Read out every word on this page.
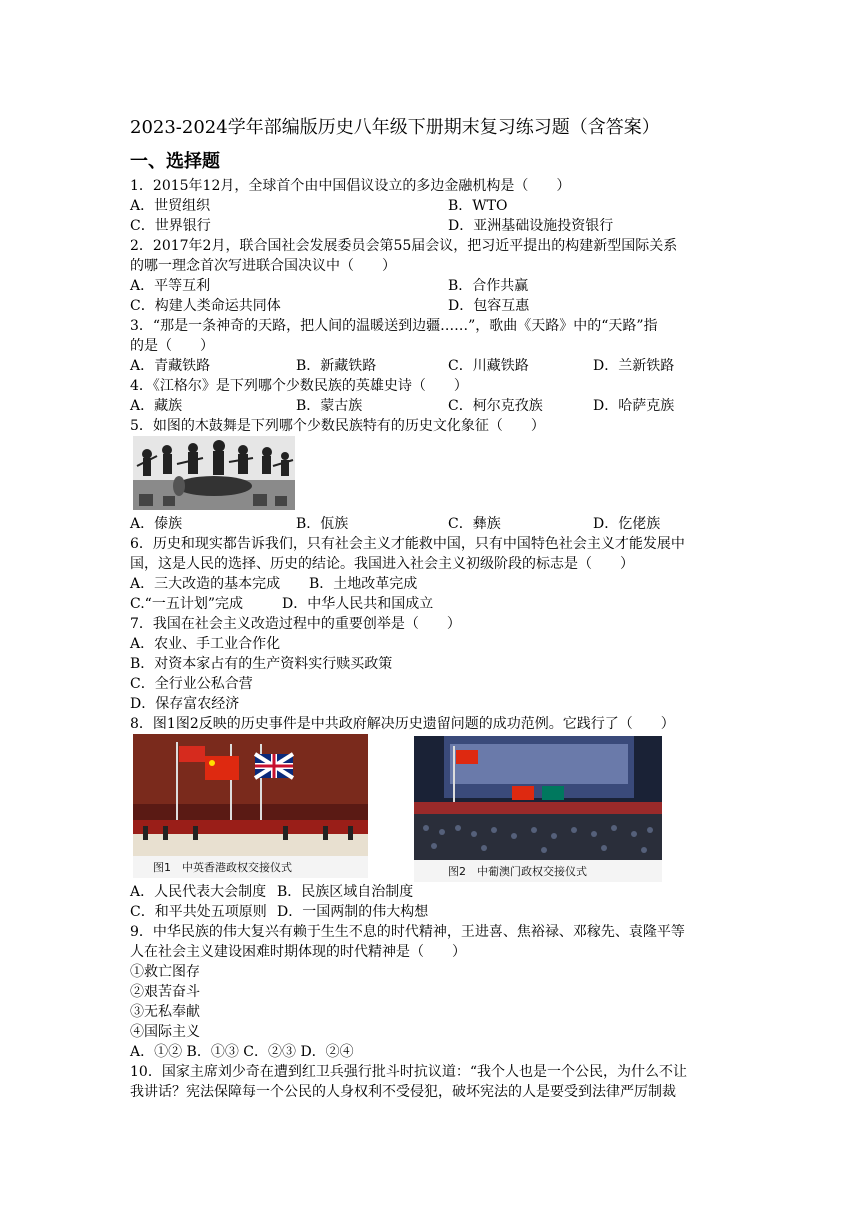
2023-2024学年部编版历史八年级下册期末复习练习题（含答案）
一、选择题
1．2015年12月，全球首个由中国倡议设立的多边金融机构是（　　）
A．世贸组织	B．WTO
C．世界银行	D．亚洲基础设施投资银行
2．2017年2月，联合国社会发展委员会第55届会议，把习近平提出的构建新型国际关系
的哪一理念首次写进联合国决议中（　　）
A．平等互利	B．合作共赢
C．构建人类命运共同体	D．包容互惠
3．“那是一条神奇的天路，把人间的温暖送到边疆……”，歌曲《天路》中的“天路”指
的是（　　）
A．青藏铁路	B．新藏铁路	C．川藏铁路	D．兰新铁路
4．《江格尔》是下列哪个少数民族的英雄史诗（　　）
A．藏族	B．蒙古族	C．柯尔克孜族	D．哈萨克族
5．如图的木鼓舞是下列哪个少数民族特有的历史文化象征（　　）
A．傣族	B．佤族	C．彝族	D．仡佬族
6．历史和现实都告诉我们，只有社会主义才能救中国，只有中国特色社会主义才能发展中
国，这是人民的选择、历史的结论。我国进入社会主义初级阶段的标志是（　　）
A．三大改造的基本完成 B．土地改革完成
C.“一五计划”完成	D．中华人民共和国成立
7．我国在社会主义改造过程中的重要创举是（　　）
A．农业、手工业合作化
B．对资本家占有的生产资料实行赎买政策
C．全行业公私合营
D．保存富农经济
8．图1图2反映的历史事件是中共政府解决历史遗留问题的成功范例。它践行了（　　）
图1　中英香港政权交接仪式	图2　中葡澳门政权交接仪式
A．人民代表大会制度 B．民族区域自治制度
C．和平共处五项原则 D．一国两制的伟大构想
9．中华民族的伟大复兴有赖于生生不息的时代精神，王进喜、焦裕禄、邓稼先、袁隆平等
人在社会主义建设困难时期体现的时代精神是（　　）
①救亡图存
②艰苦奋斗
③无私奉献
④国际主义
A．①② B．①③ C．②③ D．②④
10．国家主席刘少奇在遭到红卫兵强行批斗时抗议道：“我个人也是一个公民，为什么不让
我讲话？宪法保障每一个公民的人身权利不受侵犯，破坏宪法的人是要受到法律严厉制裁
